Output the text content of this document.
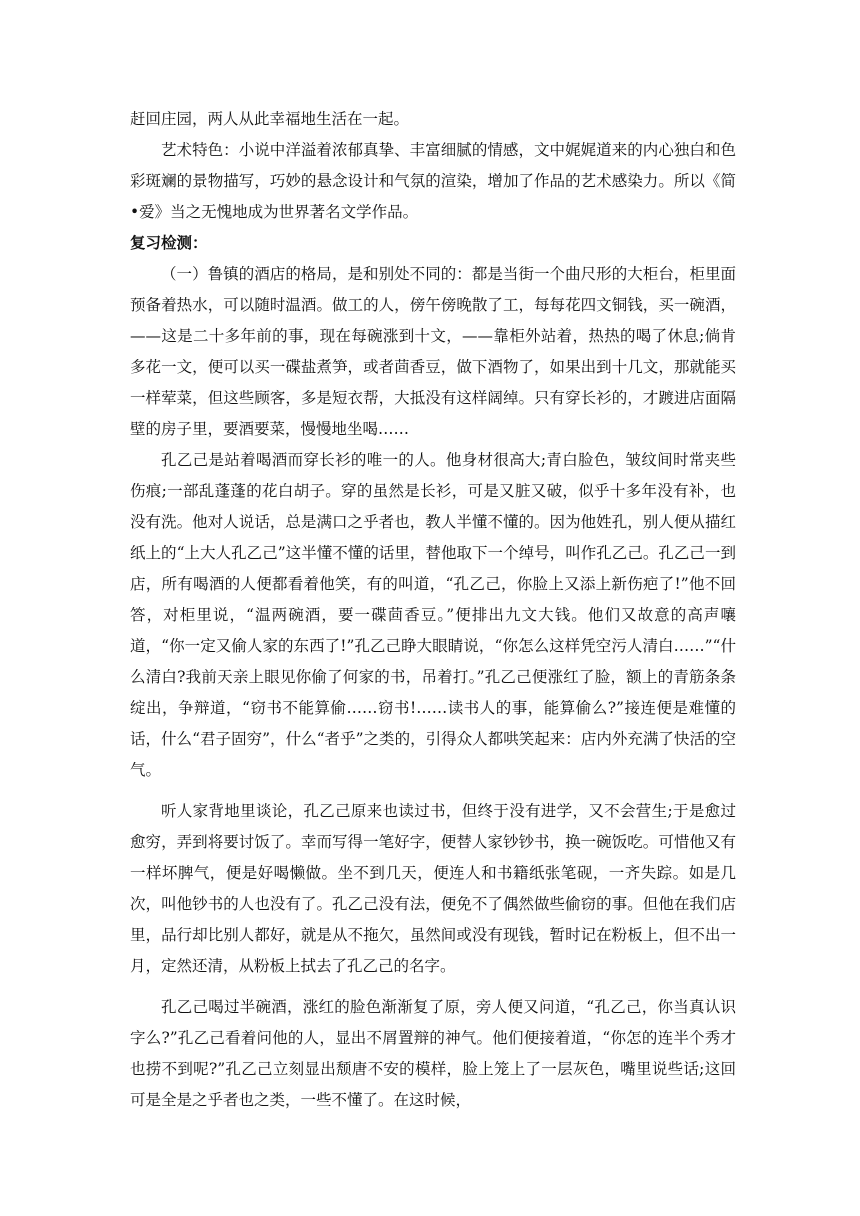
赶回庄园，两人从此幸福地生活在一起。

艺术特色：小说中洋溢着浓郁真挚、丰富细腻的情感，文中娓娓道来的内心独白和色彩斑斓的景物描写，巧妙的悬念设计和气氛的渲染，增加了作品的艺术感染力。所以《简•爱》当之无愧地成为世界著名文学作品。

复习检测：

（一）鲁镇的酒店的格局，是和别处不同的：都是当街一个曲尺形的大柜台，柜里面预备着热水，可以随时温酒。做工的人，傍午傍晚散了工，每每花四文铜钱，买一碗酒，——这是二十多年前的事，现在每碗涨到十文，——靠柜外站着，热热的喝了休息;倘肯多花一文，便可以买一碟盐煮笋，或者茴香豆，做下酒物了，如果出到十几文，那就能买一样荤菜，但这些顾客，多是短衣帮，大抵没有这样阔绰。只有穿长衫的，才踱进店面隔壁的房子里，要酒要菜，慢慢地坐喝……

孔乙己是站着喝酒而穿长衫的唯一的人。他身材很高大;青白脸色，皱纹间时常夹些伤痕;一部乱蓬蓬的花白胡子。穿的虽然是长衫，可是又脏又破，似乎十多年没有补，也没有洗。他对人说话，总是满口之乎者也，教人半懂不懂的。因为他姓孔，别人便从描红纸上的“上大人孔乙己”这半懂不懂的话里，替他取下一个绰号，叫作孔乙己。孔乙己一到店，所有喝酒的人便都看着他笑，有的叫道，“孔乙己，你脸上又添上新伤疤了!”他不回答，对柜里说，“温两碗酒，要一碟茴香豆。”便排出九文大钱。他们又故意的高声嚷道，“你一定又偷人家的东西了!”孔乙己睁大眼睛说，“你怎么这样凭空污人清白……”“什么清白?我前天亲上眼见你偷了何家的书，吊着打。”孔乙己便涨红了脸，额上的青筋条条绽出，争辩道，“窃书不能算偷……窃书!……读书人的事，能算偷么?”接连便是难懂的话，什么“君子固穷”，什么“者乎”之类的，引得众人都哄笑起来：店内外充满了快活的空气。

听人家背地里谈论，孔乙己原来也读过书，但终于没有进学，又不会营生;于是愈过愈穷，弄到将要讨饭了。幸而写得一笔好字，便替人家钞钞书，换一碗饭吃。可惜他又有一样坏脾气，便是好喝懒做。坐不到几天，便连人和书籍纸张笔砚，一齐失踪。如是几次，叫他钞书的人也没有了。孔乙己没有法，便免不了偶然做些偷窃的事。但他在我们店里，品行却比别人都好，就是从不拖欠，虽然间或没有现钱，暂时记在粉板上，但不出一月，定然还清，从粉板上拭去了孔乙己的名字。

孔乙己喝过半碗酒，涨红的脸色渐渐复了原，旁人便又问道，“孔乙己，你当真认识字么?”孔乙己看着问他的人，显出不屑置辩的神气。他们便接着道，“你怎的连半个秀才也捞不到呢?”孔乙己立刻显出颓唐不安的模样，脸上笼上了一层灰色，嘴里说些话;这回可是全是之乎者也之类，一些不懂了。在这时候，
